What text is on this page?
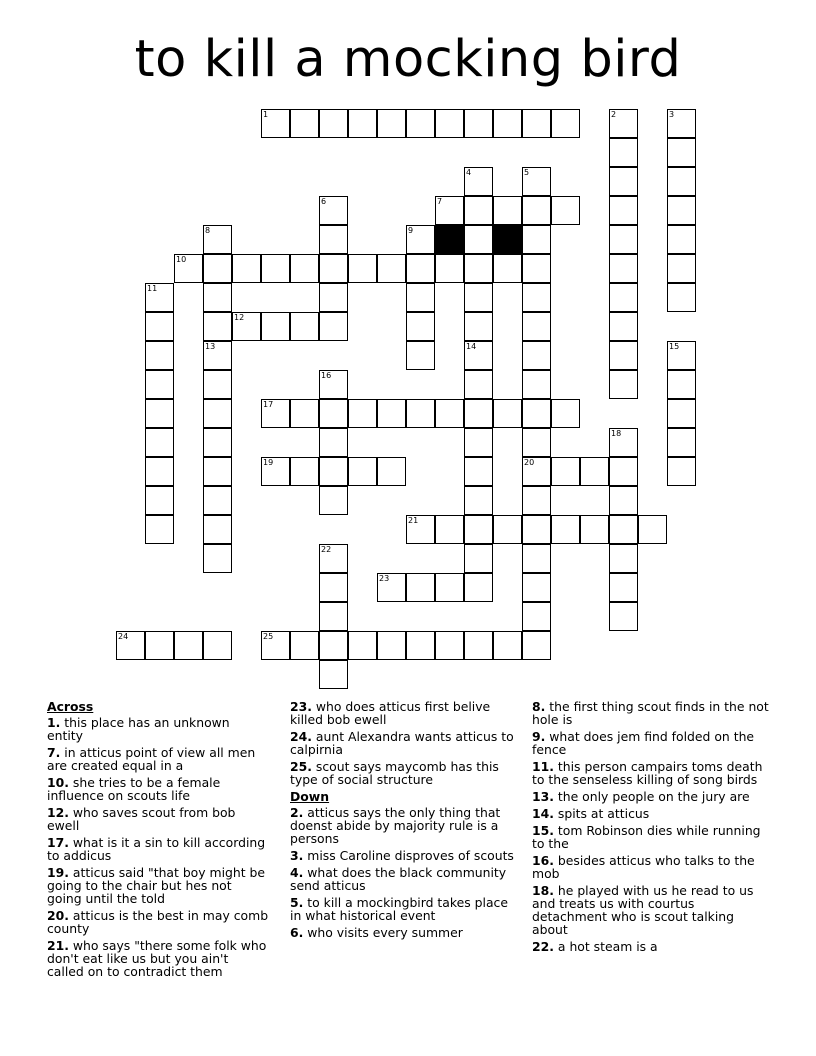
to kill a mocking bird
1	2	3
4
14
5
20
6	7
8	9
10
11
12
13	15
16
17
18
19
21
22
23
24	25
Across
1. this place has an unknown entity
7. in atticus point of view all men are created equal in a
10. she tries to be a female influence on scouts life
12. who saves scout from bob ewell
17. what is it a sin to kill according to addicus
19. atticus said "that boy might be going to the chair but hes not going until the told
20. atticus is the best in may comb county
21. who says "there some folk who don't eat like us but you ain't called on to contradict them
23. who does atticus first belive killed bob ewell
24. aunt Alexandra wants atticus to calpirnia
25. scout says maycomb has this type of social structure
Down
2. atticus says the only thing that doenst abide by majority rule is a persons
3. miss Caroline disproves of scouts
4. what does the black community send atticus
5. to kill a mockingbird takes place in what historical event
6. who visits every summer
8. the first thing scout finds in the not hole is
9. what does jem find folded on the fence
11. this person campairs toms death to the senseless killing of song birds
13. the only people on the jury are
14. spits at atticus
15. tom Robinson dies while running to the
16. besides atticus who talks to the mob
18. he played with us he read to us and treats us with courtus detachment who is scout talking about
22. a hot steam is a
